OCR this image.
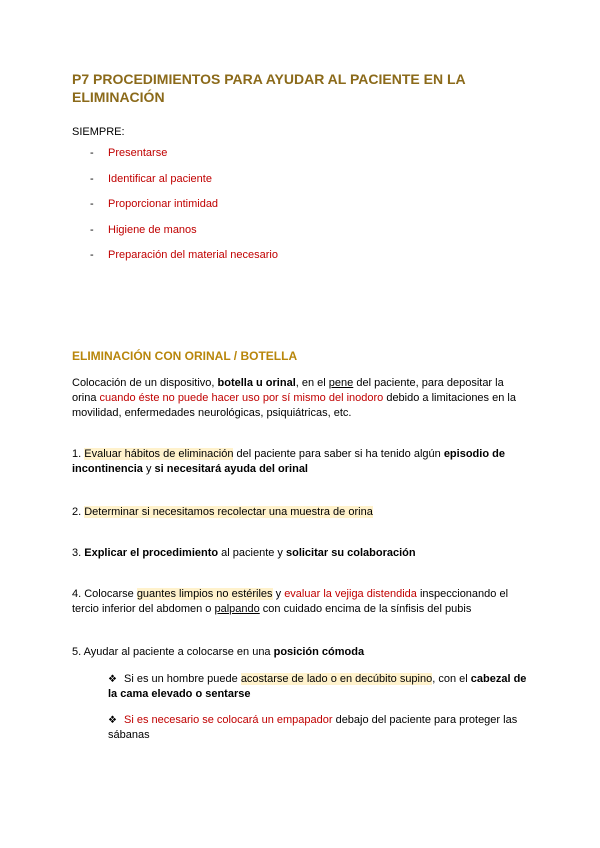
P7 PROCEDIMIENTOS PARA AYUDAR AL PACIENTE EN LA ELIMINACIÓN
SIEMPRE:
-	Presentarse
-	Identificar al paciente
-	Proporcionar intimidad
-	Higiene de manos
-	Preparación del material necesario
ELIMINACIÓN CON ORINAL / BOTELLA
Colocación de un dispositivo, botella u orinal, en el pene del paciente, para depositar la orina cuando éste no puede hacer uso por sí mismo del inodoro debido a limitaciones en la movilidad, enfermedades neurológicas, psiquiátricas, etc.
1. Evaluar hábitos de eliminación del paciente para saber si ha tenido algún episodio de incontinencia y si necesitará ayuda del orinal
2. Determinar si necesitamos recolectar una muestra de orina
3. Explicar el procedimiento al paciente y solicitar su colaboración
4. Colocarse guantes limpios no estériles y evaluar la vejiga distendida inspeccionando el tercio inferior del abdomen o palpando con cuidado encima de la sínfisis del pubis
5. Ayudar al paciente a colocarse en una posición cómoda
❖ Si es un hombre puede acostarse de lado o en decúbito supino, con el cabezal de la cama elevado o sentarse
❖ Si es necesario se colocará un empapador debajo del paciente para proteger las sábanas
